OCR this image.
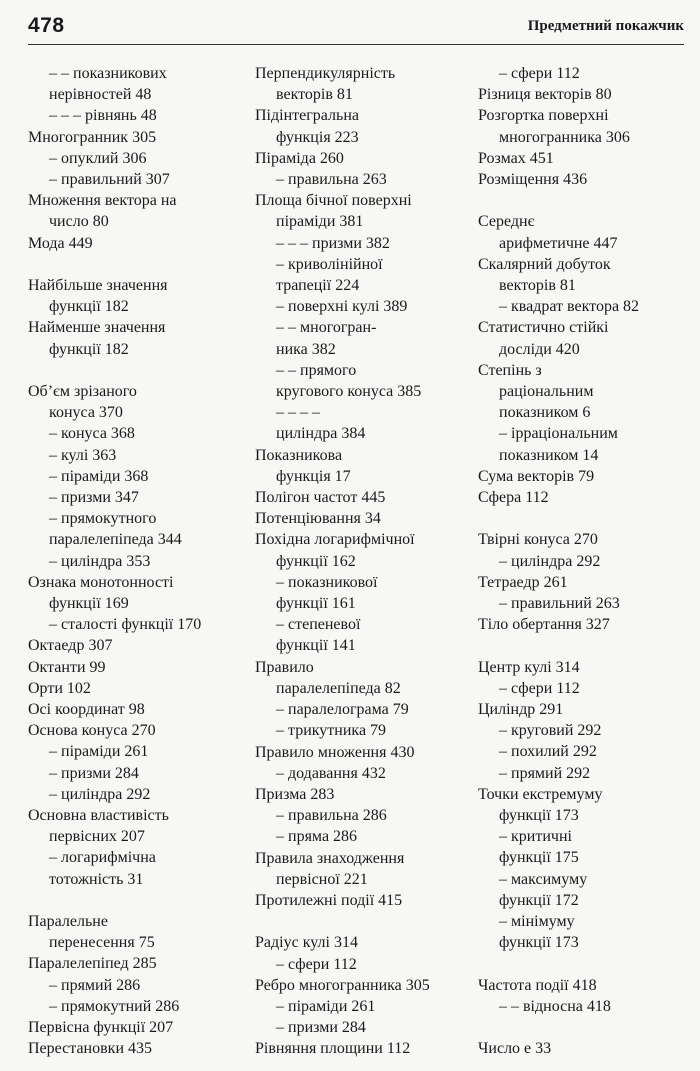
478	Предметний покажчик
– – показникових
нерівностей 48
– – – рівнянь 48
Многогранник 305
– опуклий 306
– правильний 307
Множення вектора на
число 80
Мода 449
Найбільше значення
функції 182
Найменше значення
функції 182
Об’єм зрізаного
конуса 370
– конуса 368
– кулі 363
– піраміди 368
– призми 347
– прямокутного
паралелепіпеда 344
– циліндра 353
Ознака монотонності
функції 169
– сталості функції 170
Октаедр 307
Октанти 99
Орти 102
Осі координат 98
Основа конуса 270
– піраміди 261
– призми 284
– циліндра 292
Основна властивість
первісних 207
– логарифмічна
тотожність 31
Паралельне
перенесення 75
Паралелепіпед 285
– прямий 286
– прямокутний 286
Первісна функції 207
Перестановки 435
Перпендикулярність
векторів 81
Підінтегральна
функція 223
Піраміда 260
– правильна 263
Площа бічної поверхні
піраміди 381
– – – призми 382
– криволінійної
трапеції 224
– поверхні кулі 389
– – многогран-
ника 382
– – прямого
кругового конуса 385
– – – –
циліндра 384
Показникова
функція 17
Полігон частот 445
Потенціювання 34
Похідна логарифмічної
функції 162
– показникової
функції 161
– степеневої
функції 141
Правило
паралелепіпеда 82
– паралелограма 79
– трикутника 79
Правило множення 430
– додавання 432
Призма 283
– правильна 286
– пряма 286
Правила знаходження
первісної 221
Протилежні події 415
Радіус кулі 314
– сфери 112
Ребро многогранника 305
– піраміди 261
– призми 284
Рівняння площини 112
– сфери 112
Різниця векторів 80
Розгортка поверхні
многогранника 306
Розмах 451
Розміщення 436
Середнє
арифметичне 447
Скалярний добуток
векторів 81
– квадрат вектора 82
Статистично стійкі
досліди 420
Степінь з
раціональним
показником 6
– ірраціональним
показником 14
Сума векторів 79
Сфера 112
Твірні конуса 270
– циліндра 292
Тетраедр 261
– правильний 263
Тіло обертання 327
Центр кулі 314
– сфери 112
Циліндр 291
– круговий 292
– похилий 292
– прямий 292
Точки екстремуму
функції 173
– критичні
функції 175
– максимуму
функції 172
– мінімуму
функції 173
Частота події 418
– – відносна 418
Число е 33
